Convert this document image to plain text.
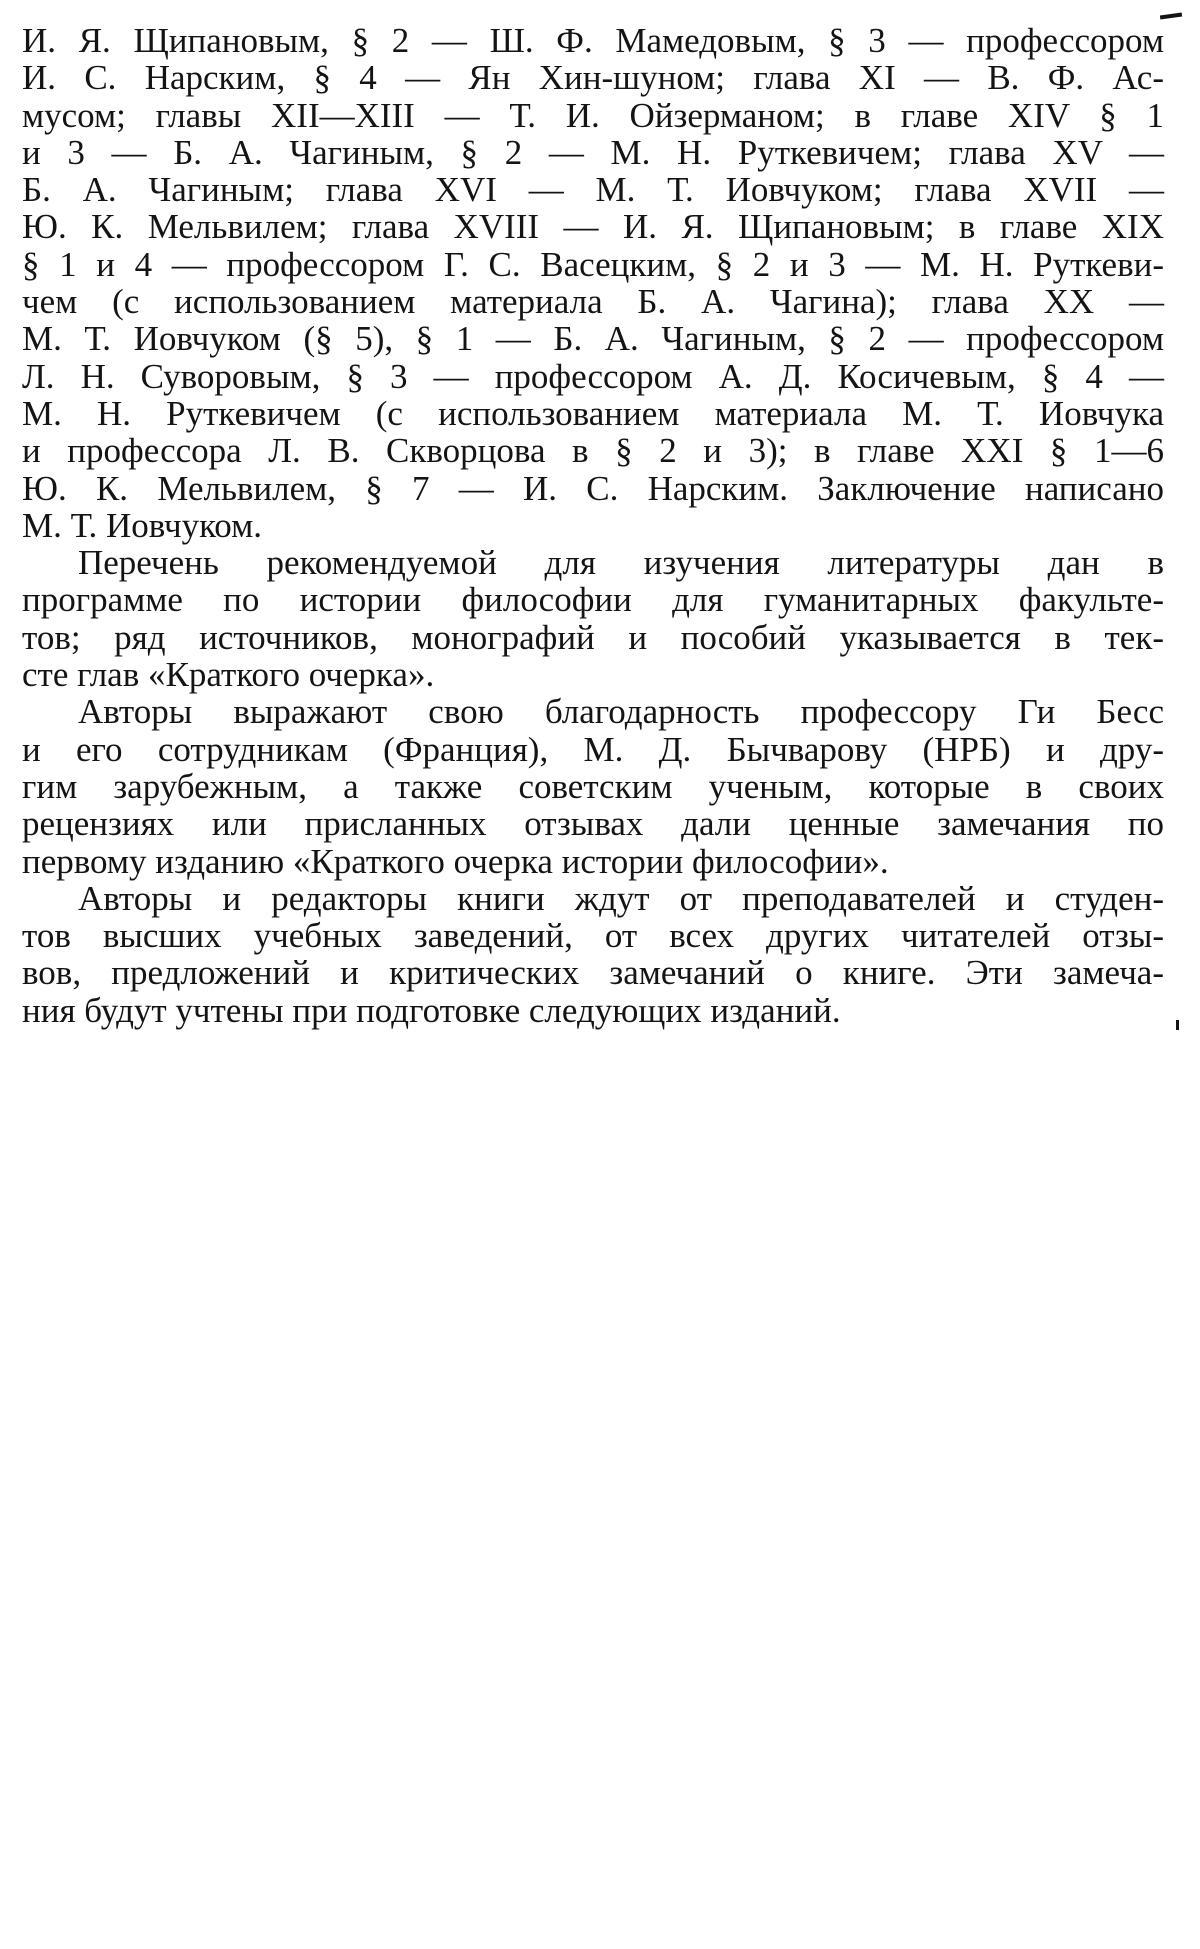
И. Я. Щипановым, § 2 — Ш. Ф. Мамедовым, § 3 — профессором
И. С. Нарским, § 4 — Ян Хин-шуном; глава XI — В. Ф. Ас-
мусом; главы XII—XIII — Т. И. Ойзерманом; в главе XIV § 1
и 3 — Б. А. Чагиным, § 2 — М. Н. Руткевичем; глава XV —
Б. А. Чагиным; глава XVI — М. Т. Иовчуком; глава XVII —
Ю. К. Мельвилем; глава XVIII — И. Я. Щипановым; в главе XIX
§ 1 и 4 — профессором Г. С. Васецким, § 2 и 3 — М. Н. Руткеви-
чем (с использованием материала Б. А. Чагина); глава XX —
М. Т. Иовчуком (§ 5), § 1 — Б. А. Чагиным, § 2 — профессором
Л. Н. Суворовым, § 3 — профессором А. Д. Косичевым, § 4 —
М. Н. Руткевичем (с использованием материала М. Т. Иовчука
и профессора Л. В. Скворцова в § 2 и 3); в главе XXI § 1—6
Ю. К. Мельвилем, § 7 — И. С. Нарским. Заключение написано
М. Т. Иовчуком.
Перечень рекомендуемой для изучения литературы дан в
программе по истории философии для гуманитарных факульте-
тов; ряд источников, монографий и пособий указывается в тек-
сте глав «Краткого очерка».
Авторы выражают свою благодарность профессору Ги Бесс
и его сотрудникам (Франция), М. Д. Бычварову (НРБ) и дру-
гим зарубежным, а также советским ученым, которые в своих
рецензиях или присланных отзывах дали ценные замечания по
первому изданию «Краткого очерка истории философии».
Авторы и редакторы книги ждут от преподавателей и студен-
тов высших учебных заведений, от всех других читателей отзы-
вов, предложений и критических замечаний о книге. Эти замеча-
ния будут учтены при подготовке следующих изданий.
